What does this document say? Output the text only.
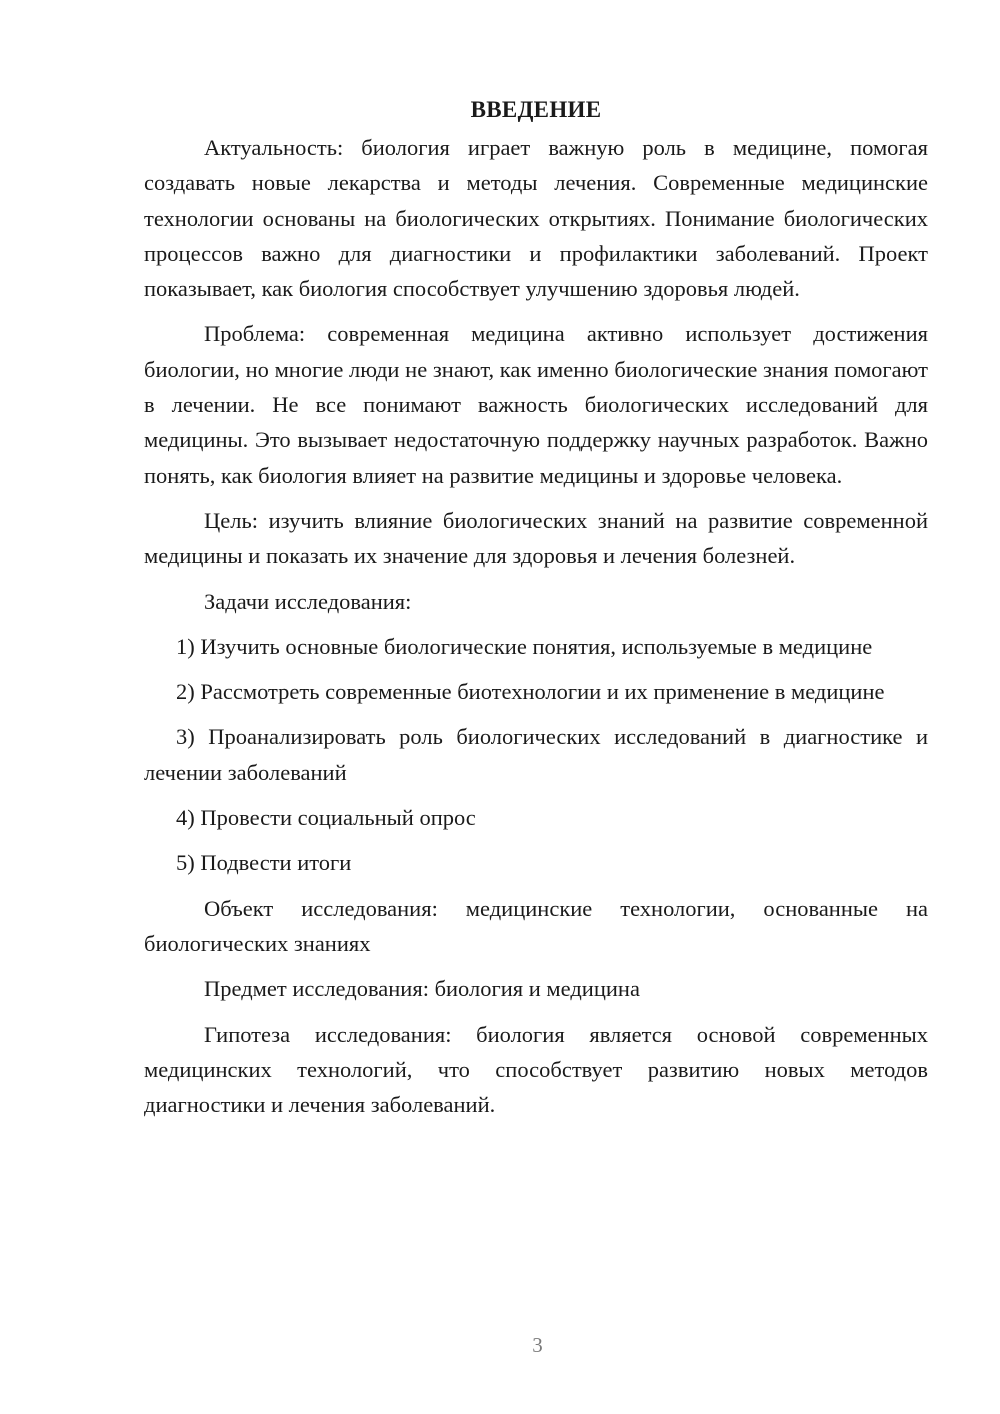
ВВЕДЕНИЕ

Актуальность: биология играет важную роль в медицине, помогая создавать новые лекарства и методы лечения. Современные медицинские технологии основаны на биологических открытиях. Понимание биологических процессов важно для диагностики и профилактики заболеваний. Проект показывает, как биология способствует улучшению здоровья людей.

Проблема: современная медицина активно использует достижения биологии, но многие люди не знают, как именно биологические знания помогают в лечении. Не все понимают важность биологических исследований для медицины. Это вызывает недостаточную поддержку научных разработок. Важно понять, как биология влияет на развитие медицины и здоровье человека.

Цель: изучить влияние биологических знаний на развитие современной медицины и показать их значение для здоровья и лечения болезней.

Задачи исследования:

1) Изучить основные биологические понятия, используемые в медицине

2) Рассмотреть современные биотехнологии и их применение в медицине

3) Проанализировать роль биологических исследований в диагностике и лечении заболеваний

4) Провести социальный опрос

5) Подвести итоги

Объект исследования: медицинские технологии, основанные на биологических знаниях

Предмет исследования: биология и медицина

Гипотеза исследования: биология является основой современных медицинских технологий, что способствует развитию новых методов диагностики и лечения заболеваний.

3
